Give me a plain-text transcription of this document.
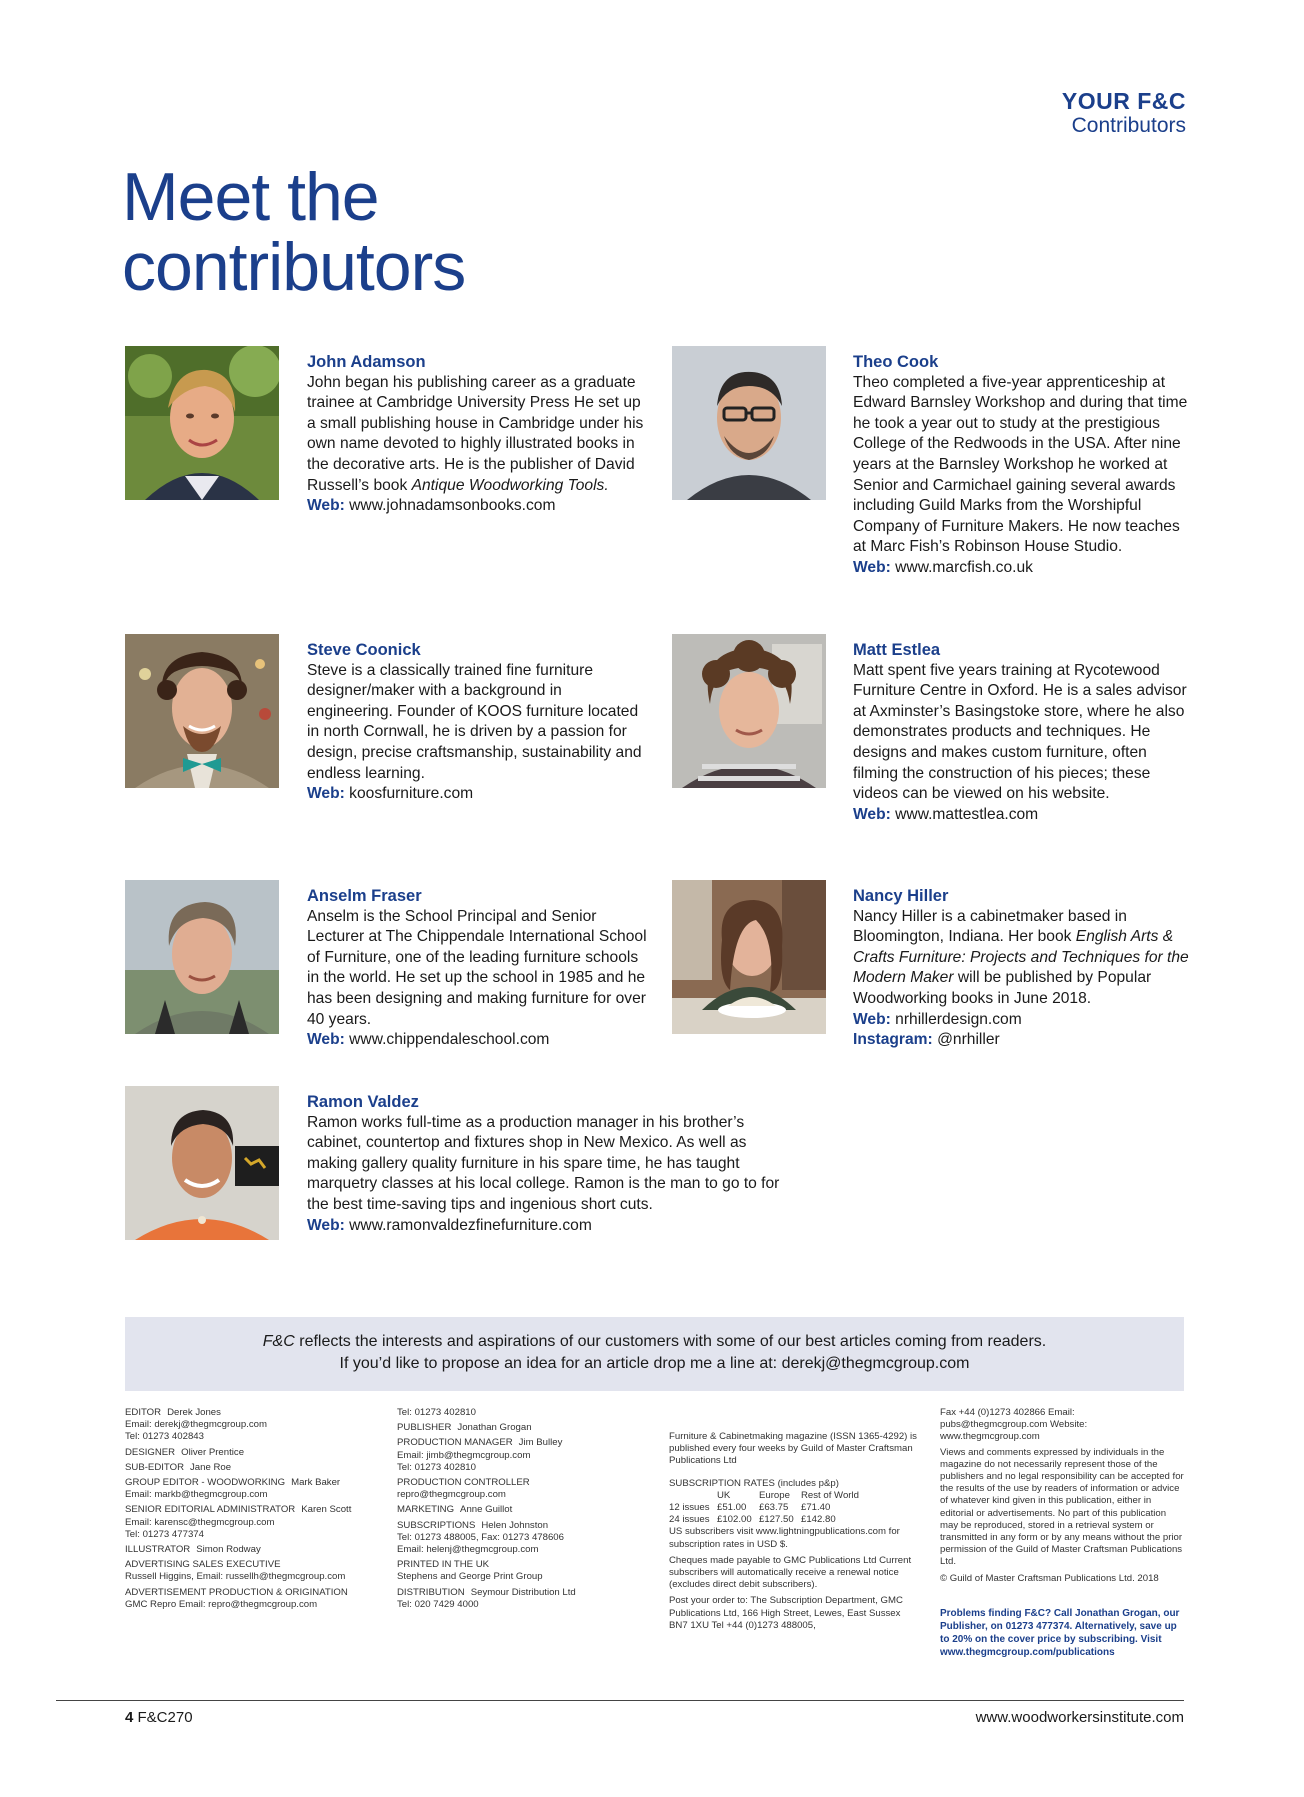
YOUR F&C
Contributors
Meet the
contributors
John Adamson

John began his publishing career as a graduate trainee at Cambridge University Press He set up a small publishing house in Cambridge under his own name devoted to highly illustrated books in the decorative arts. He is the publisher of David Russell’s book Antique Woodworking Tools.

Web: www.johnadamsonbooks.com

Theo Cook

Theo completed a five-year apprenticeship at Edward Barnsley Workshop and during that time he took a year out to study at the prestigious College of the Redwoods in the USA. After nine years at the Barnsley Workshop he worked at Senior and Carmichael gaining several awards including Guild Marks from the Worshipful Company of Furniture Makers. He now teaches at Marc Fish’s Robinson House Studio.

Web: www.marcfish.co.uk

Steve Coonick

Steve is a classically trained fine furniture designer/maker with a background in engineering. Founder of KOOS furniture located in north Cornwall, he is driven by a passion for design, precise craftsmanship, sustainability and endless learning.

Web: koosfurniture.com

Matt Estlea

Matt spent five years training at Rycotewood Furniture Centre in Oxford. He is a sales advisor at Axminster’s Basingstoke store, where he also demonstrates products and techniques. He designs and makes custom furniture, often filming the construction of his pieces; these videos can be viewed on his website.

Web: www.mattestlea.com

Anselm Fraser

Anselm is the School Principal and Senior Lecturer at The Chippendale International School of Furniture, one of the leading furniture schools in the world. He set up the school in 1985 and he has been designing and making furniture for over 40 years.

Web: www.chippendaleschool.com

Nancy Hiller

Nancy Hiller is a cabinetmaker based in Bloomington, Indiana. Her book English Arts & Crafts Furniture: Projects and Techniques for the Modern Maker will be published by Popular Woodworking books in June 2018.

Web: nrhillerdesign.com

Instagram: @nrhiller

Ramon Valdez

Ramon works full-time as a production manager in his brother’s cabinet, countertop and fixtures shop in New Mexico. As well as making gallery quality furniture in his spare time, he has taught marquetry classes at his local college. Ramon is the man to go to for the best time-saving tips and ingenious short cuts.

Web: www.ramonvaldezfinefurniture.com

F&C reflects the interests and aspirations of our customers with some of our best articles coming from readers.
If you’d like to propose an idea for an article drop me a line at: derekj@thegmcgroup.com
EDITOR Derek Jones
Email: derekj@thegmcgroup.com
Tel: 01273 402843
DESIGNER Oliver Prentice
SUB-EDITOR Jane Roe
GROUP EDITOR - WOODWORKING Mark Baker
Email: markb@thegmcgroup.com
SENIOR EDITORIAL ADMINISTRATOR Karen Scott
Email: karensc@thegmcgroup.com
Tel: 01273 477374
ILLUSTRATOR Simon Rodway
ADVERTISING SALES EXECUTIVE
Russell Higgins, Email: russellh@thegmcgroup.com
ADVERTISEMENT PRODUCTION & ORIGINATION
GMC Repro Email: repro@thegmcgroup.com
Tel: 01273 402810
PUBLISHER Jonathan Grogan
PRODUCTION MANAGER Jim Bulley
Email: jimb@thegmcgroup.com
Tel: 01273 402810
PRODUCTION CONTROLLER
repro@thegmcgroup.com
MARKETING Anne Guillot
SUBSCRIPTIONS Helen Johnston
Tel: 01273 488005, Fax: 01273 478606
Email: helenj@thegmcgroup.com
PRINTED IN THE UK
Stephens and George Print Group
DISTRIBUTION Seymour Distribution Ltd
Tel: 020 7429 4000
Furniture & Cabinetmaking magazine (ISSN 1365-4292) is published every four weeks by Guild of Master Craftsman Publications Ltd
SUBSCRIPTION RATES (includes p&p)
UK	Europe	Rest of World
12 issues £51.00	£63.75	£71.40
24 issues £102.00 £127.50 £142.80
US subscribers visit www.lightningpublications.com for subscription rates in USD $.
Cheques made payable to GMC Publications Ltd Current subscribers will automatically receive a renewal notice (excludes direct debit subscribers).
Post your order to: The Subscription Department, GMC Publications Ltd, 166 High Street, Lewes, East Sussex BN7 1XU Tel +44 (0)1273 488005,
Fax +44 (0)1273 402866 Email: pubs@thegmcgroup.com Website: www.thegmcgroup.com
Views and comments expressed by individuals in the magazine do not necessarily represent those of the publishers and no legal responsibility can be accepted for the results of the use by readers of information or advice of whatever kind given in this publication, either in editorial or advertisements. No part of this publication may be reproduced, stored in a retrieval system or transmitted in any form or by any means without the prior permission of the Guild of Master Craftsman Publications Ltd.
© Guild of Master Craftsman Publications Ltd. 2018
Problems finding F&C? Call Jonathan Grogan, our Publisher, on 01273 477374. Alternatively, save up to 20% on the cover price by subscribing. Visit www.thegmcgroup.com/publications
4 F&C270	www.woodworkersinstitute.com
